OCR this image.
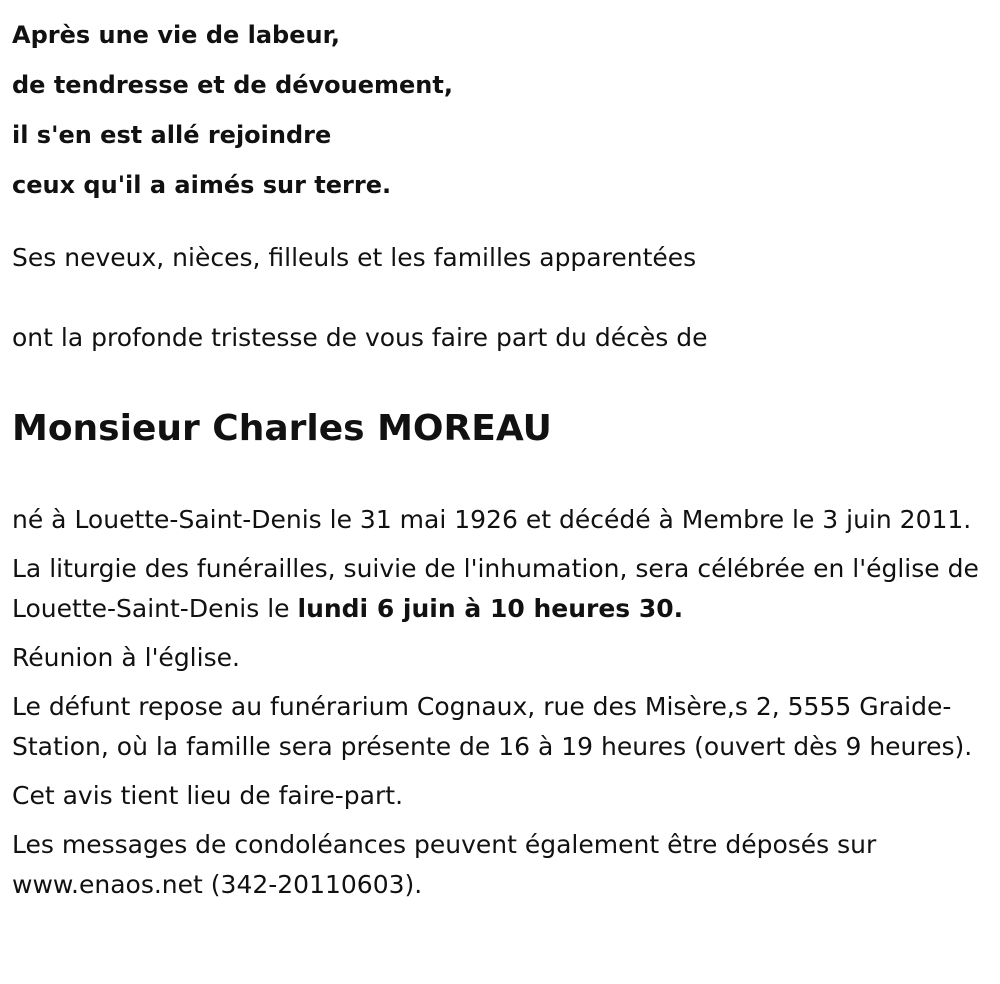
Après une vie de labeur,

de tendresse et de dévouement,

il s'en est allé rejoindre

ceux qu'il a aimés sur terre.

Ses neveux, nièces, filleuls et les familles apparentées

ont la profonde tristesse de vous faire part du décès de

Monsieur Charles MOREAU

né à Louette-Saint-Denis le 31 mai 1926 et décédé à Membre le 3 juin 2011.

La liturgie des funérailles, suivie de l'inhumation, sera célébrée en l'église de Louette-Saint-Denis le lundi 6 juin à 10 heures 30.

Réunion à l'église.

Le défunt repose au funérarium Cognaux, rue des Misère,s 2, 5555 Graide-Station, où la famille sera présente de 16 à 19 heures (ouvert dès 9 heures).

Cet avis tient lieu de faire-part.

Les messages de condoléances peuvent également être déposés sur www.enaos.net (342-20110603).
